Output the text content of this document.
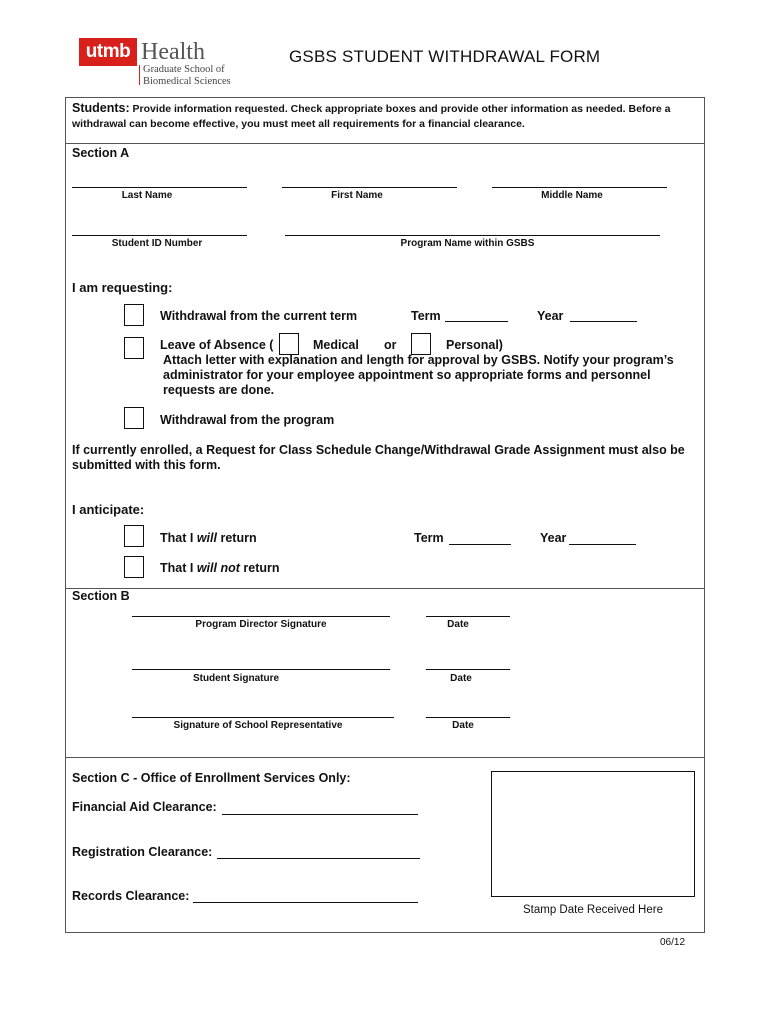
utmb Health
Graduate School of
Biomedical Sciences
GSBS STUDENT WITHDRAWAL FORM
Students: Provide information requested. Check appropriate boxes and provide other information as needed. Before a
withdrawal can become effective, you must meet all requirements for a financial clearance.
Section A
Last Name	First Name	Middle Name
Student ID Number	Program Name within GSBS
I am requesting:
Withdrawal from the current term	Term	Year
Leave of Absence (	Medical or	Personal)
Attach letter with explanation and length for approval by GSBS. Notify your program’s
administrator for your employee appointment so appropriate forms and personnel
requests are done.
Withdrawal from the program
If currently enrolled, a Request for Class Schedule Change/Withdrawal Grade Assignment must also be
submitted with this form.
I anticipate:
That I will return	Term	Year
That I will not return
Section B
Program Director Signature	Date
Student Signature	Date
Signature of School Representative	Date
Section C - Office of Enrollment Services Only:
Financial Aid Clearance:
Registration Clearance:
Records Clearance:
Stamp Date Received Here
06/12
